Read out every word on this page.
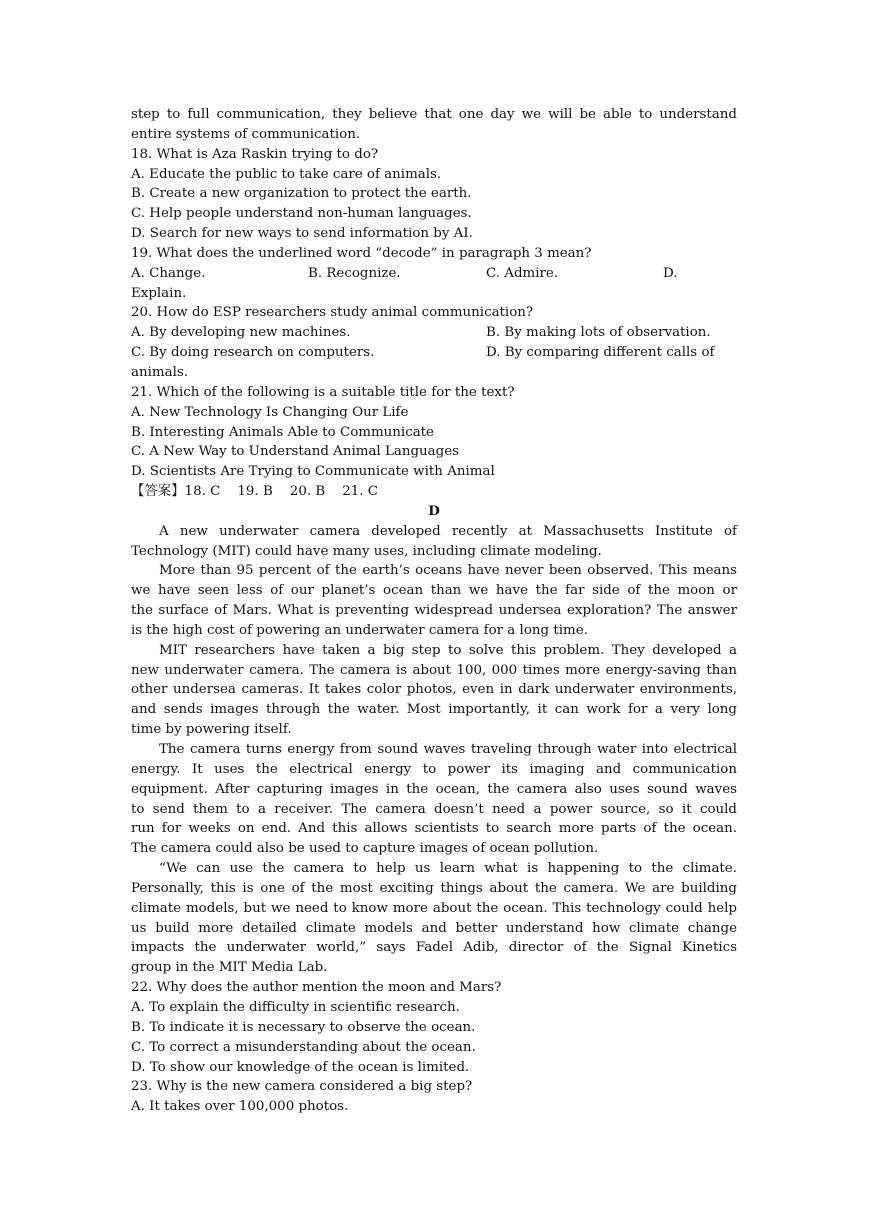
step to full communication, they believe that one day we will be able to understand
entire systems of communication.
18. What is Aza Raskin trying to do?
A. Educate the public to take care of animals.
B. Create a new organization to protect the earth.
C. Help people understand non-human languages.
D. Search for new ways to send information by AI.
19. What does the underlined word “decode” in paragraph 3 mean?
A. Change.	B. Recognize.	C. Admire.	D.
Explain.
20. How do ESP researchers study animal communication?
A. By developing new machines.	B. By making lots of observation.
C. By doing research on computers.	D. By comparing different calls of
animals.
21. Which of the following is a suitable title for the text?
A. New Technology Is Changing Our Life
B. Interesting Animals Able to Communicate
C. A New Way to Understand Animal Languages
D. Scientists Are Trying to Communicate with Animal
【答案】18. C    19. B    20. B    21. C
D
A new underwater camera developed recently at Massachusetts Institute of
Technology (MIT) could have many uses, including climate modeling.
More than 95 percent of the earth’s oceans have never been observed. This means
we have seen less of our planet’s ocean than we have the far side of the moon or
the surface of Mars. What is preventing widespread undersea exploration? The answer
is the high cost of powering an underwater camera for a long time.
MIT researchers have taken a big step to solve this problem. They developed a
new underwater camera. The camera is about 100, 000 times more energy-saving than
other undersea cameras. It takes color photos, even in dark underwater environments,
and sends images through the water. Most importantly, it can work for a very long
time by powering itself.
The camera turns energy from sound waves traveling through water into electrical
energy. It uses the electrical energy to power its imaging and communication
equipment. After capturing images in the ocean, the camera also uses sound waves
to send them to a receiver. The camera doesn’t need a power source, so it could
run for weeks on end. And this allows scientists to search more parts of the ocean.
The camera could also be used to capture images of ocean pollution.
“We can use the camera to help us learn what is happening to the climate.
Personally, this is one of the most exciting things about the camera. We are building
climate models, but we need to know more about the ocean. This technology could help
us build more detailed climate models and better understand how climate change
impacts the underwater world,” says Fadel Adib, director of the Signal Kinetics
group in the MIT Media Lab.
22. Why does the author mention the moon and Mars?
A. To explain the difficulty in scientific research.
B. To indicate it is necessary to observe the ocean.
C. To correct a misunderstanding about the ocean.
D. To show our knowledge of the ocean is limited.
23. Why is the new camera considered a big step?
A. It takes over 100,000 photos.
